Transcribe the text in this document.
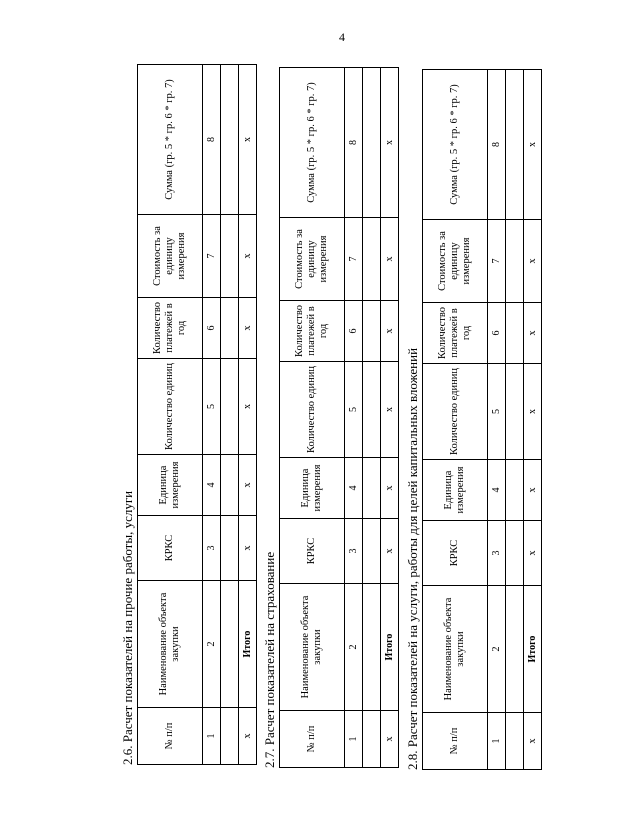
4
2.6. Расчет показателей на прочие работы, услуги	№ п/п	Наименование объекта закупки	КРКС	Единица измерения	Количество единиц	Количество платежей в год	Стоимость за единицу измерения	Сумма (гр. 5 * гр. 6 * гр. 7)
1	2	3	4	5	6	7	8

x	Итого	x	x	x	x	x	x
2.7. Расчет показателей на страхование	№ п/п	Наименование объекта закупки	КРКС	Единица измерения	Количество единиц	Количество платежей в год	Стоимость за единицу измерения	Сумма (гр. 5 * гр. 6 * гр. 7)
1	2	3	4	5	6	7	8

x	Итого	x	x	x	x	x	x
2.8. Расчет показателей на услуги, работы для целей капитальных вложений	№ п/п	Наименование объекта закупки	КРКС	Единица измерения	Количество единиц	Количество платежей в год	Стоимость за единицу измерения	Сумма (гр. 5 * гр. 6 * гр. 7)
1	2	3	4	5	6	7	8

x	Итого	x	x	x	x	x	x
